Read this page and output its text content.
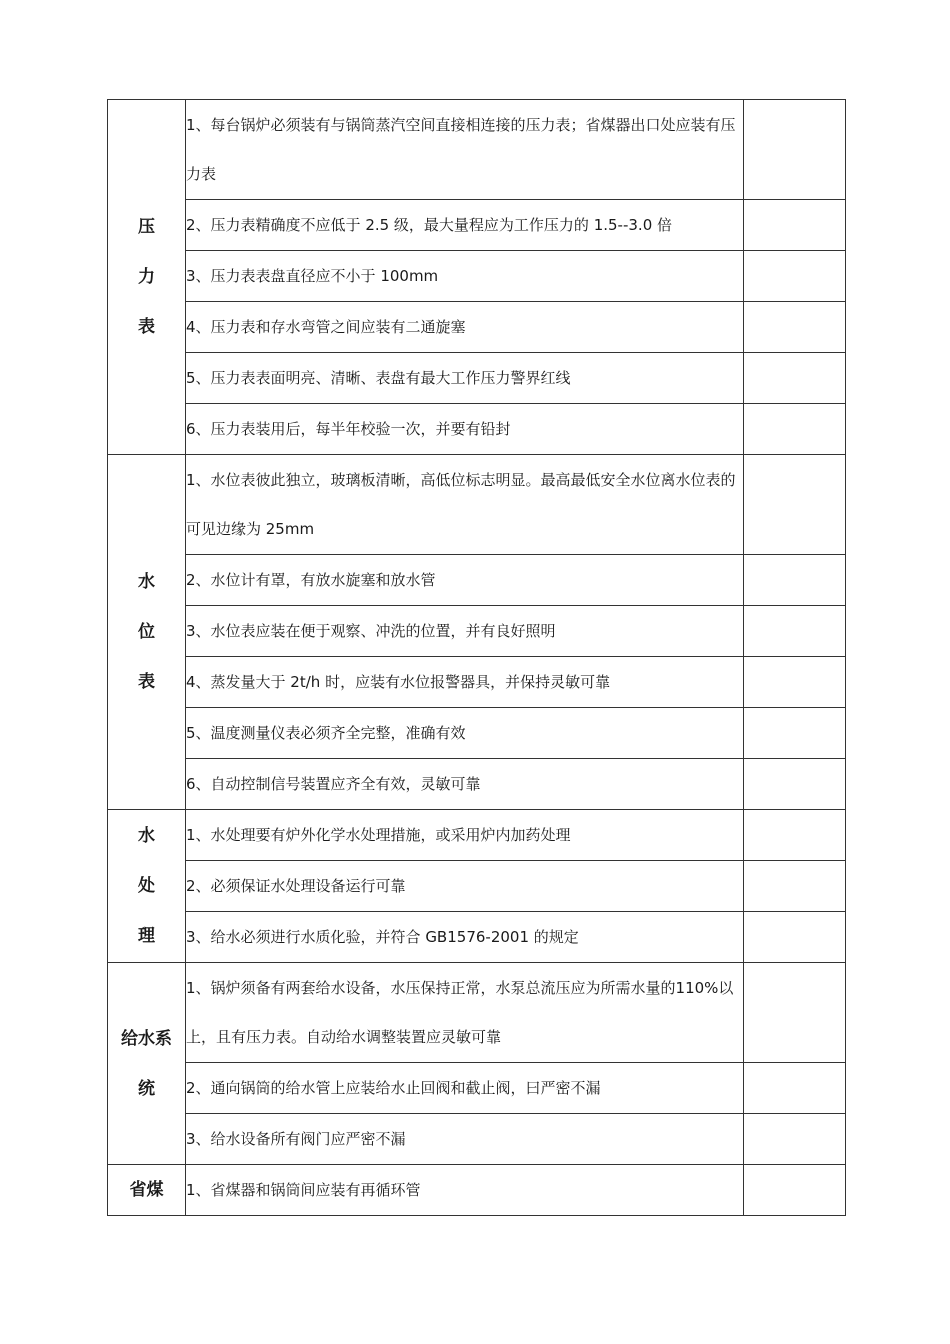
压
力
表	1、每台锅炉必须装有与锅筒蒸汽空间直接相连接的压力表；省煤器出口处应装有压力表	
	2、压力表精确度不应低于 2.5 级，最大量程应为工作压力的 1.5--3.0 倍	
	3、压力表表盘直径应不小于 100mm	
	4、压力表和存水弯管之间应装有二通旋塞	
	5、压力表表面明亮、清晰、表盘有最大工作压力警界红线	
	6、压力表装用后，每半年校验一次，并要有铅封	
水
位
表	1、水位表彼此独立，玻璃板清晰，高低位标志明显。最高最低安全水位离水位表的可见边缘为 25mm	
	2、水位计有罩，有放水旋塞和放水管	
	3、水位表应装在便于观察、冲洗的位置，并有良好照明	
	4、蒸发量大于 2t/h 时，应装有水位报警器具，并保持灵敏可靠	
	5、温度测量仪表必须齐全完整，准确有效	
	6、自动控制信号装置应齐全有效，灵敏可靠	
水
处
理	1、水处理要有炉外化学水处理措施，或采用炉内加药处理	
	2、必须保证水处理设备运行可靠	
	3、给水必须进行水质化验，并符合 GB1576-2001 的规定	
给水系
统	1、锅炉须备有两套给水设备，水压保持正常，水泵总流压应为所需水量的110%以上，且有压力表。自动给水调整装置应灵敏可靠	
	2、通向锅筒的给水管上应装给水止回阀和截止阀，曰严密不漏	
	3、给水设备所有阀门应严密不漏	
省煤	1、省煤器和锅筒间应装有再循环管	
